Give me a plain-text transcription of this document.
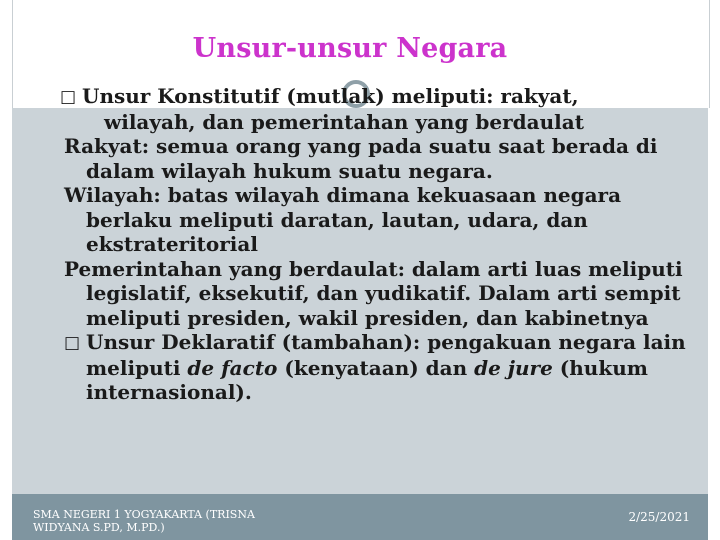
Unsur-unsur Negara

□ Unsur Konstitutif (mutlak) meliputi: rakyat,
wilayah, dan pemerintahan yang berdaulat

Rakyat: semua orang yang pada suatu saat berada di dalam wilayah hukum suatu negara.

Wilayah: batas wilayah dimana kekuasaan negara berlaku meliputi daratan, lautan, udara, dan ekstrateritorial

Pemerintahan yang berdaulat: dalam arti luas meliputi legislatif, eksekutif, dan yudikatif. Dalam arti sempit meliputi presiden, wakil presiden, dan kabinetnya

□ Unsur Deklaratif (tambahan): pengakuan negara lain meliputi de facto (kenyataan) dan de jure (hukum internasional).

SMA NEGERI 1 YOGYAKARTA (TRISNA WIDYANA S.PD, M.PD.)
2/25/2021
